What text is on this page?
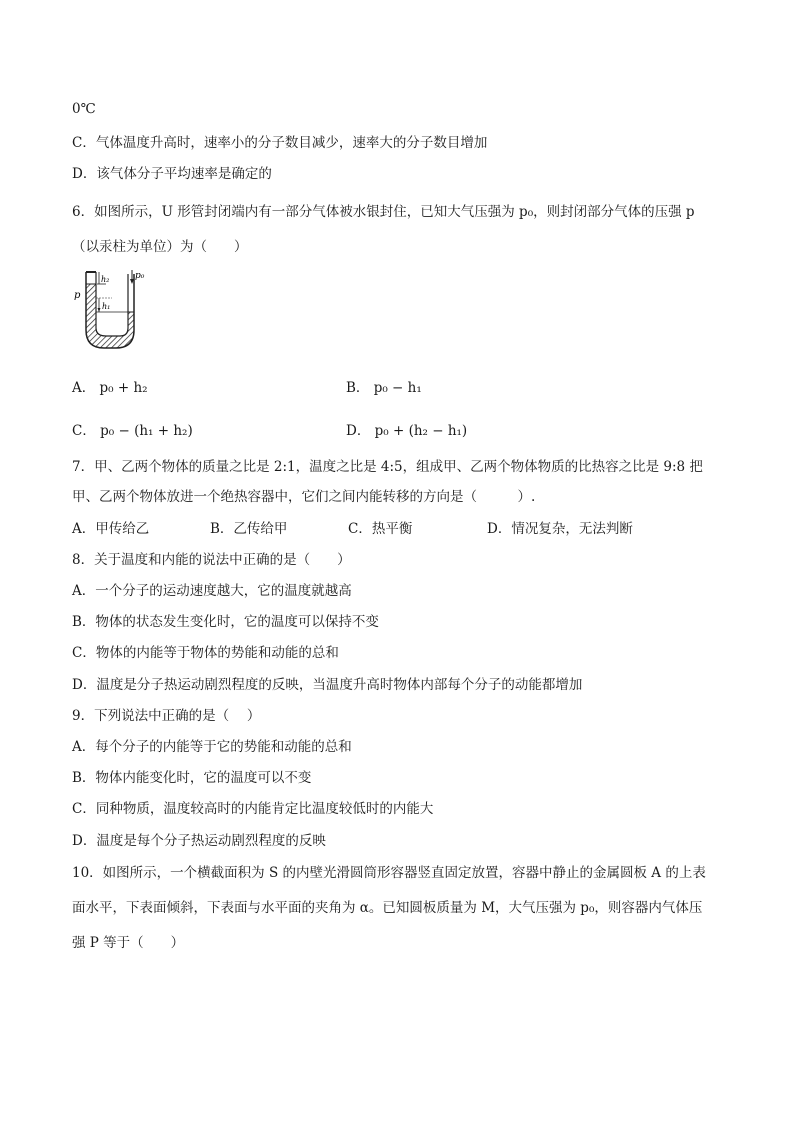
0℃
C．气体温度升高时，速率小的分子数目减少，速率大的分子数目增加
D．该气体分子平均速率是确定的
6．如图所示，U 形管封闭端内有一部分气体被水银封住，已知大气压强为 p₀，则封闭部分气体的压强 p
（以汞柱为单位）为（　　）
p
p₀
h₂
h₁
A． p₀ + h₂	B． p₀ − h₁
C． p₀ − (h₁ + h₂)	D． p₀ + (h₂ − h₁)
7．甲、乙两个物体的质量之比是 2:1，温度之比是 4:5，组成甲、乙两个物体物质的比热容之比是 9:8 把
甲、乙两个物体放进一个绝热容器中，它们之间内能转移的方向是（　　　）.
A．甲传给乙	B．乙传给甲	C．热平衡	D．情况复杂，无法判断
8．关于温度和内能的说法中正确的是（　　）
A．一个分子的运动速度越大，它的温度就越高
B．物体的状态发生变化时，它的温度可以保持不变
C．物体的内能等于物体的势能和动能的总和
D．温度是分子热运动剧烈程度的反映，当温度升高时物体内部每个分子的动能都增加
9．下列说法中正确的是（　 ）
A．每个分子的内能等于它的势能和动能的总和
B．物体内能变化时，它的温度可以不变
C．同种物质，温度较高时的内能肯定比温度较低时的内能大
D．温度是每个分子热运动剧烈程度的反映
10．如图所示，一个横截面积为 S 的内壁光滑圆筒形容器竖直固定放置，容器中静止的金属圆板 A 的上表
面水平，下表面倾斜，下表面与水平面的夹角为 α。已知圆板质量为 M，大气压强为 p₀，则容器内气体压
强 P 等于（　　）
